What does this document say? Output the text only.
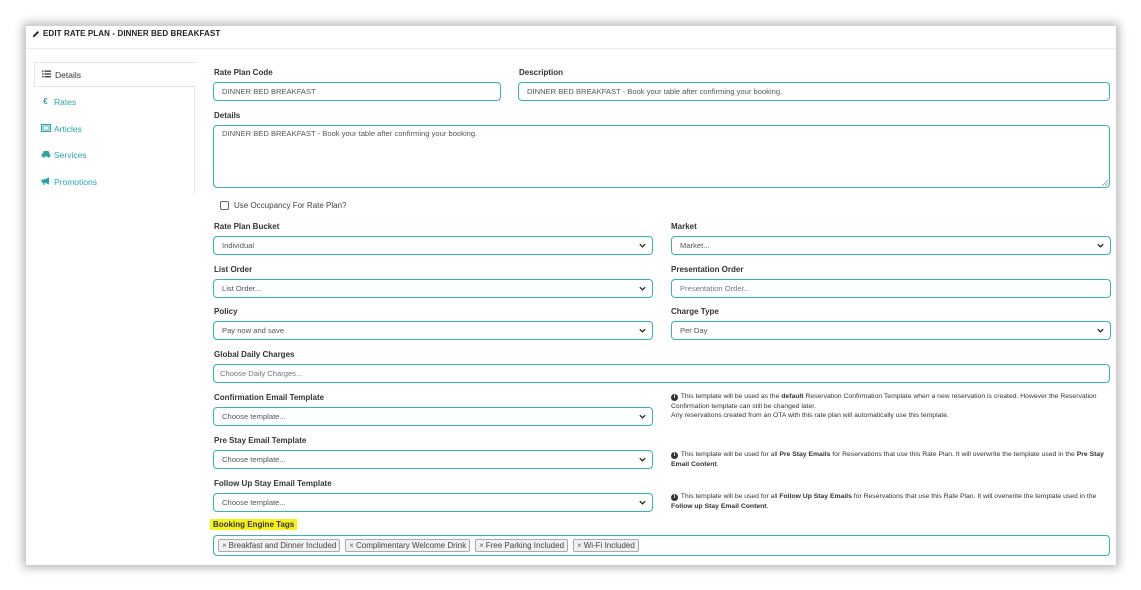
EDIT RATE PLAN - DINNER BED BREAKFAST
Details
€ Rates
Articles
Services
Promotions
Rate Plan Code
DINNER BED BREAKFAST
Description
DINNER BED BREAKFAST - Book your table after confirming your booking.
Details
DINNER BED BREAKFAST - Book your table after confirming your booking.
Use Occupancy For Rate Plan?
Rate Plan Bucket
Individual
Market
Market...
List Order
List Order...
Presentation Order
Presentation Order...
Policy
Pay now and save
Charge Type
Per Day
Global Daily Charges
Choose Daily Charges...
Confirmation Email Template
Choose template...
i This template will be used as the default Reservation Confirmation Template when a new reservation is created. However the Reservation Confirmation template can still be changed later.
Any reservations created from an OTA with this rate plan will automatically use this template.
Pre Stay Email Template
Choose template...	i This template will be used for all Pre Stay Emails for Reservations that use this Rate Plan. It will overwrite the template used in the Pre Stay Email Content.
Follow Up Stay Email Template
Choose template...
i This template will be used for all Follow Up Stay Emails for Reservations that use this Rate Plan. It will overwrite the template used in the Follow up Stay Email Content.
Booking Engine Tags
× Breakfast and Dinner Included × Complimentary Welcome Drink × Free Parking Included × Wi-Fi Included
